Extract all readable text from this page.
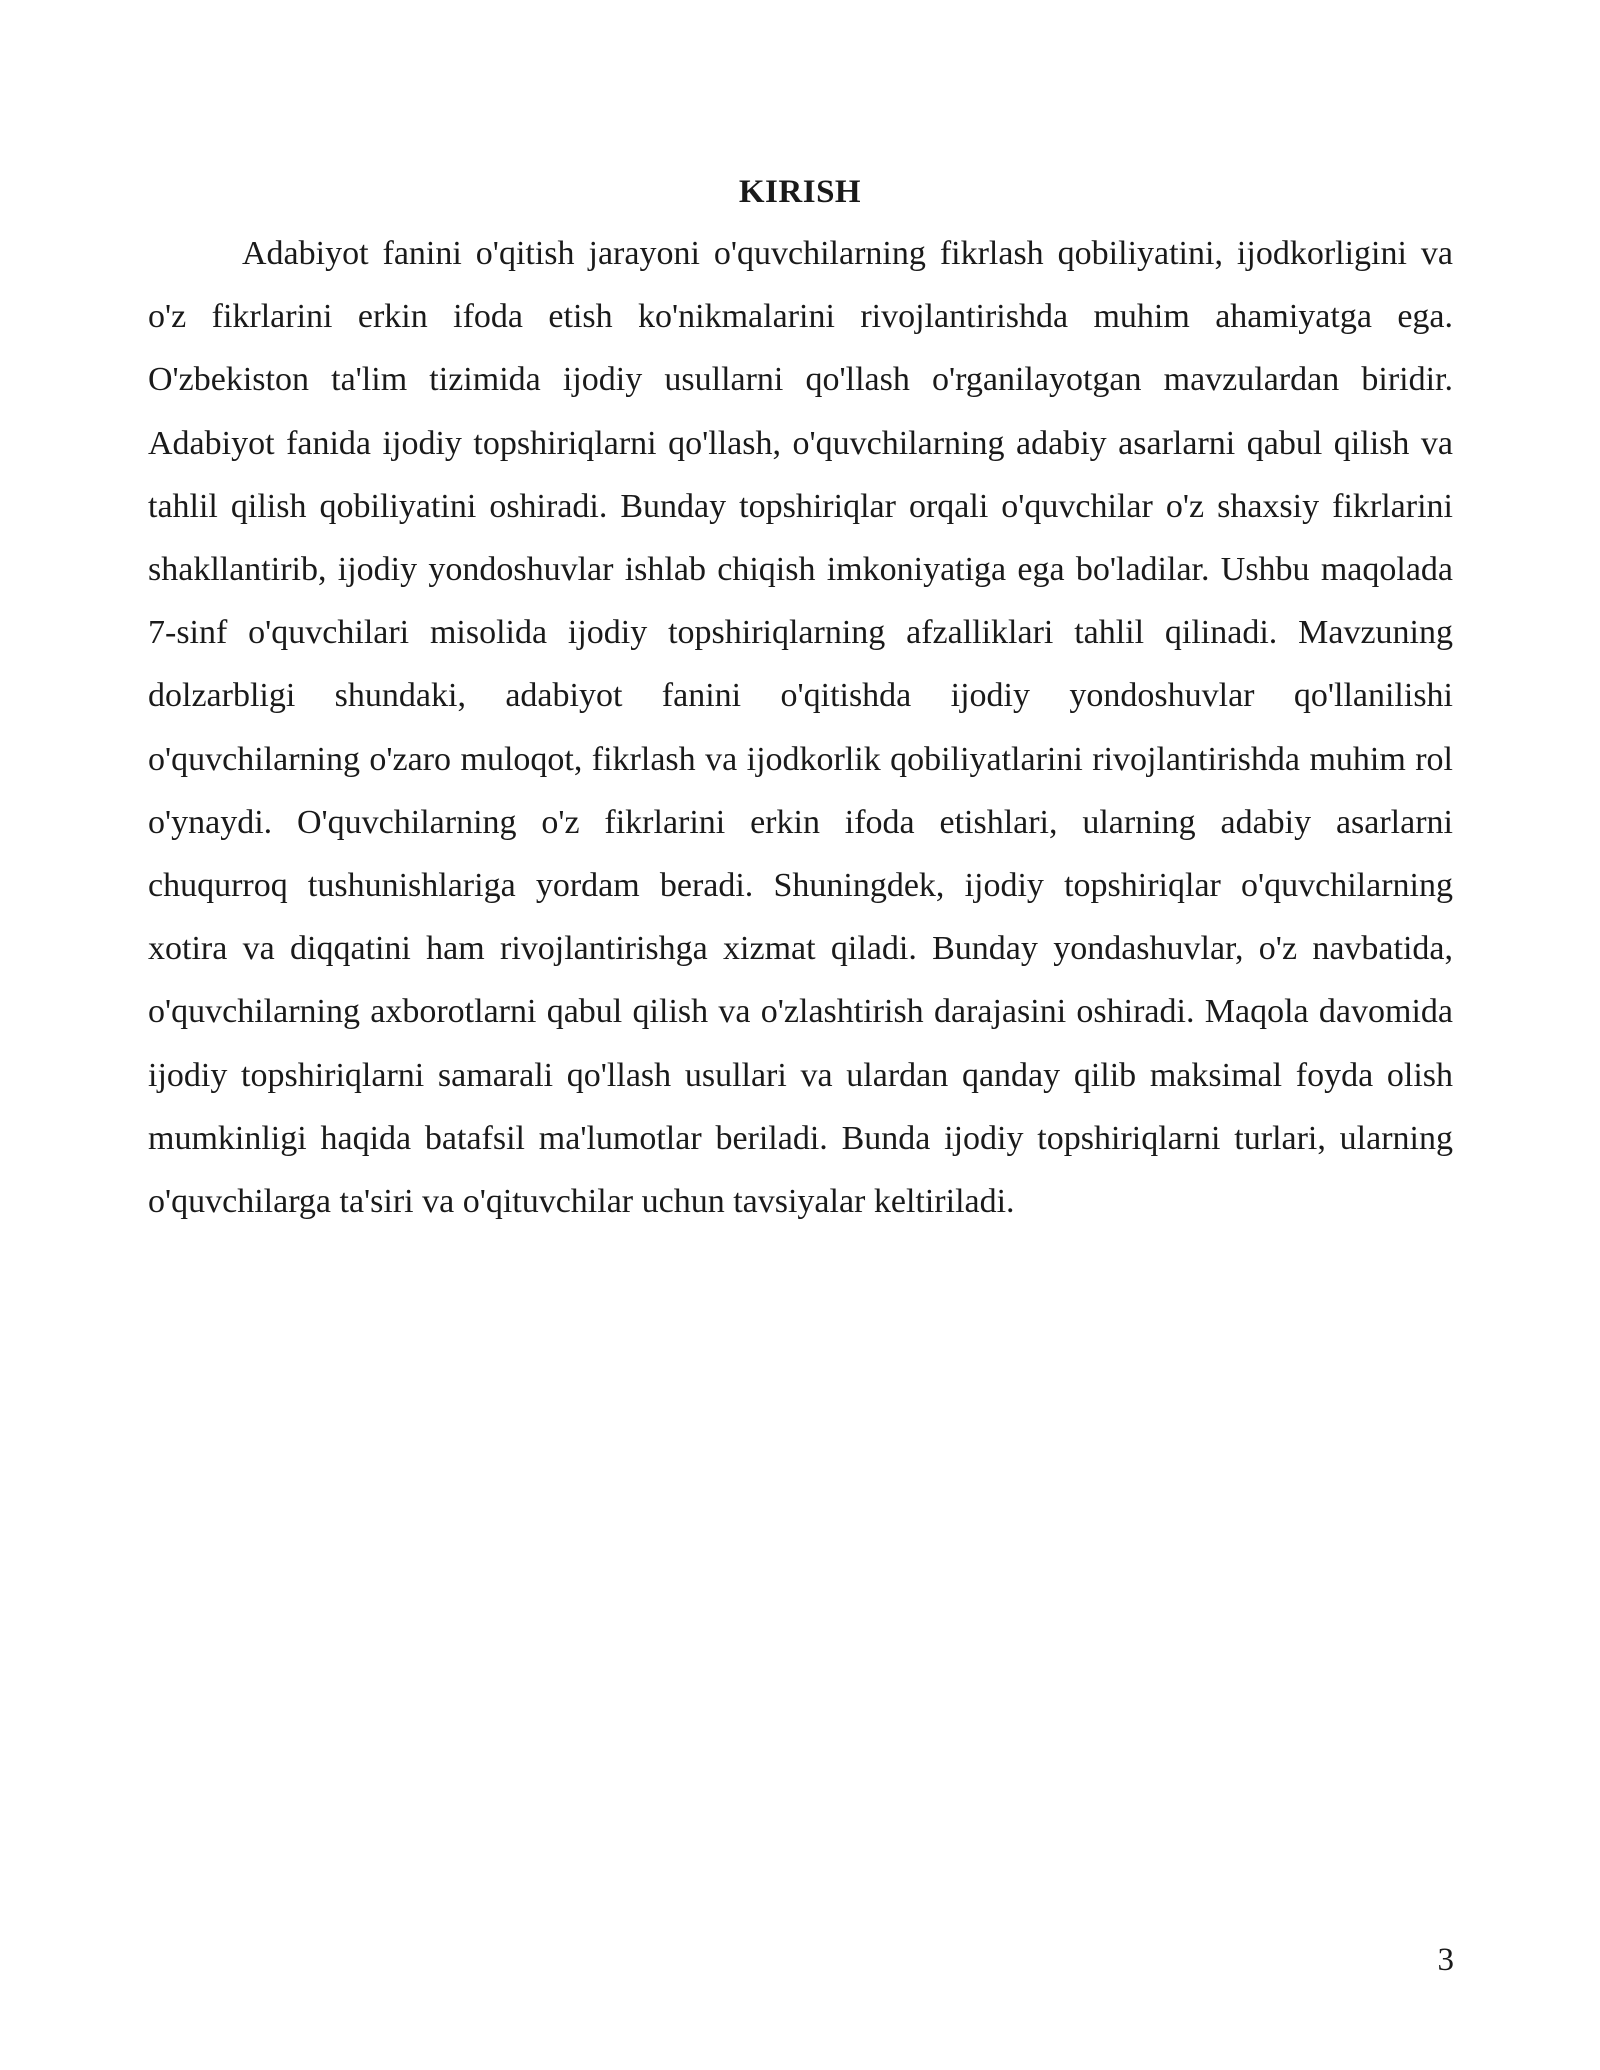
KIRISH

Adabiyot fanini o'qitish jarayoni o'quvchilarning fikrlash qobiliyatini, ijodkorligini va o'z fikrlarini erkin ifoda etish ko'nikmalarini rivojlantirishda muhim ahamiyatga ega. O'zbekiston ta'lim tizimida ijodiy usullarni qo'llash o'rganilayotgan mavzulardan biridir. Adabiyot fanida ijodiy topshiriqlarni qo'llash, o'quvchilarning adabiy asarlarni qabul qilish va tahlil qilish qobiliyatini oshiradi. Bunday topshiriqlar orqali o'quvchilar o'z shaxsiy fikrlarini shakllantirib, ijodiy yondoshuvlar ishlab chiqish imkoniyatiga ega bo'ladilar. Ushbu maqolada 7-sinf o'quvchilari misolida ijodiy topshiriqlarning afzalliklari tahlil qilinadi. Mavzuning dolzarbligi shundaki, adabiyot fanini o'qitishda ijodiy yondoshuvlar qo'llanilishi o'quvchilarning o'zaro muloqot, fikrlash va ijodkorlik qobiliyatlarini rivojlantirishda muhim rol o'ynaydi. O'quvchilarning o'z fikrlarini erkin ifoda etishlari, ularning adabiy asarlarni chuqurroq tushunishlariga yordam beradi. Shuningdek, ijodiy topshiriqlar o'quvchilarning xotira va diqqatini ham rivojlantirishga xizmat qiladi. Bunday yondashuvlar, o'z navbatida, o'quvchilarning axborotlarni qabul qilish va o'zlashtirish darajasini oshiradi. Maqola davomida ijodiy topshiriqlarni samarali qo'llash usullari va ulardan qanday qilib maksimal foyda olish mumkinligi haqida batafsil ma'lumotlar beriladi. Bunda ijodiy topshiriqlarni turlari, ularning o'quvchilarga ta'siri va o'qituvchilar uchun tavsiyalar keltiriladi.

3
